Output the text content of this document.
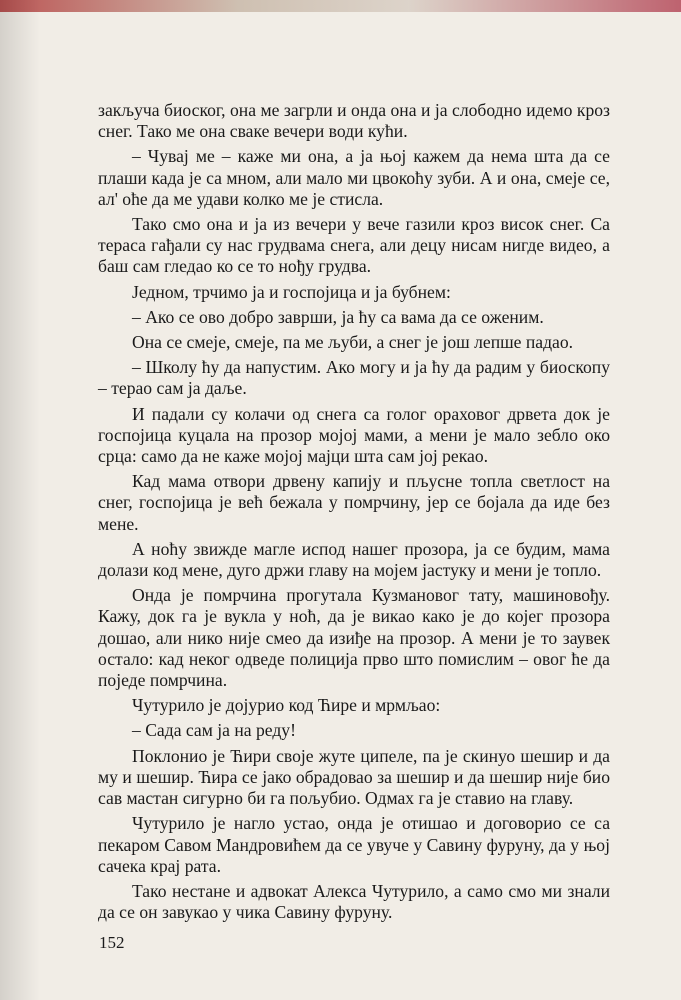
закључа биоског, она ме загрли и онда она и ја слободно идемо кроз снег. Тако ме она сваке вечери води кући.

– Чувај ме – каже ми она, а ја њој кажем да нема шта да се плаши када је са мном, али мало ми цвокоћу зуби. А и она, смеје се, ал' оће да ме удави колко ме је стисла.

Тако смо она и ја из вечери у вече газили кроз висок снег. Са тераса гађали су нас грудвама снега, али децу нисам нигде видео, а баш сам гледао ко се то нођу грудва.

Једном, трчимо ја и госпојица и ја бубнем:

– Ако се ово добро заврши, ја ћу са вама да се оженим.

Она се смеје, смеје, па ме љуби, а снег је још лепше падао.

– Школу ћу да напустим. Ако могу и ја ћу да радим у биоскопу – терао сам ја даље.

И падали су колачи од снега са голог ораховог дрвета док је госпојица куцала на прозор мојој мами, а мени је мало зебло око срца: само да не каже мојој мајци шта сам јој рекао.

Кад мама отвори дрвену капију и пљусне топла светлост на снег, госпојица је већ бежала у помрчину, јер се бојала да иде без мене.

А ноћу звижде магле испод нашег прозора, ја се будим, мама долази код мене, дуго држи главу на мојем јастуку и мени је топло.

Онда је помрчина прогутала Кузмановог тату, машиновођу. Кажу, док га је вукла у ноћ, да је викао како је до којег прозора дошао, али нико није смео да изиђе на прозор. А мени је то заувек остало: кад неког одведе полиција прво што помислим – овог ће да поједе помрчина.

Чутурило је дојурио код Ћире и мрмљао:

– Сада сам ја на реду!

Поклонио је Ћири своје жуте ципеле, па је скинуо шешир и да му и шешир. Ћира се јако обрадовао за шешир и да шешир није био сав мастан сигурно би га пољубио. Одмах га је ставио на главу.

Чутурило је нагло устао, онда је отишао и договорио се са пекаром Савом Мандровићем да се увуче у Савину фуруну, да у њој сачека крај рата.

Тако нестане и адвокат Алекса Чутурило, а само смо ми знали да се он завукао у чика Савину фуруну.

152
